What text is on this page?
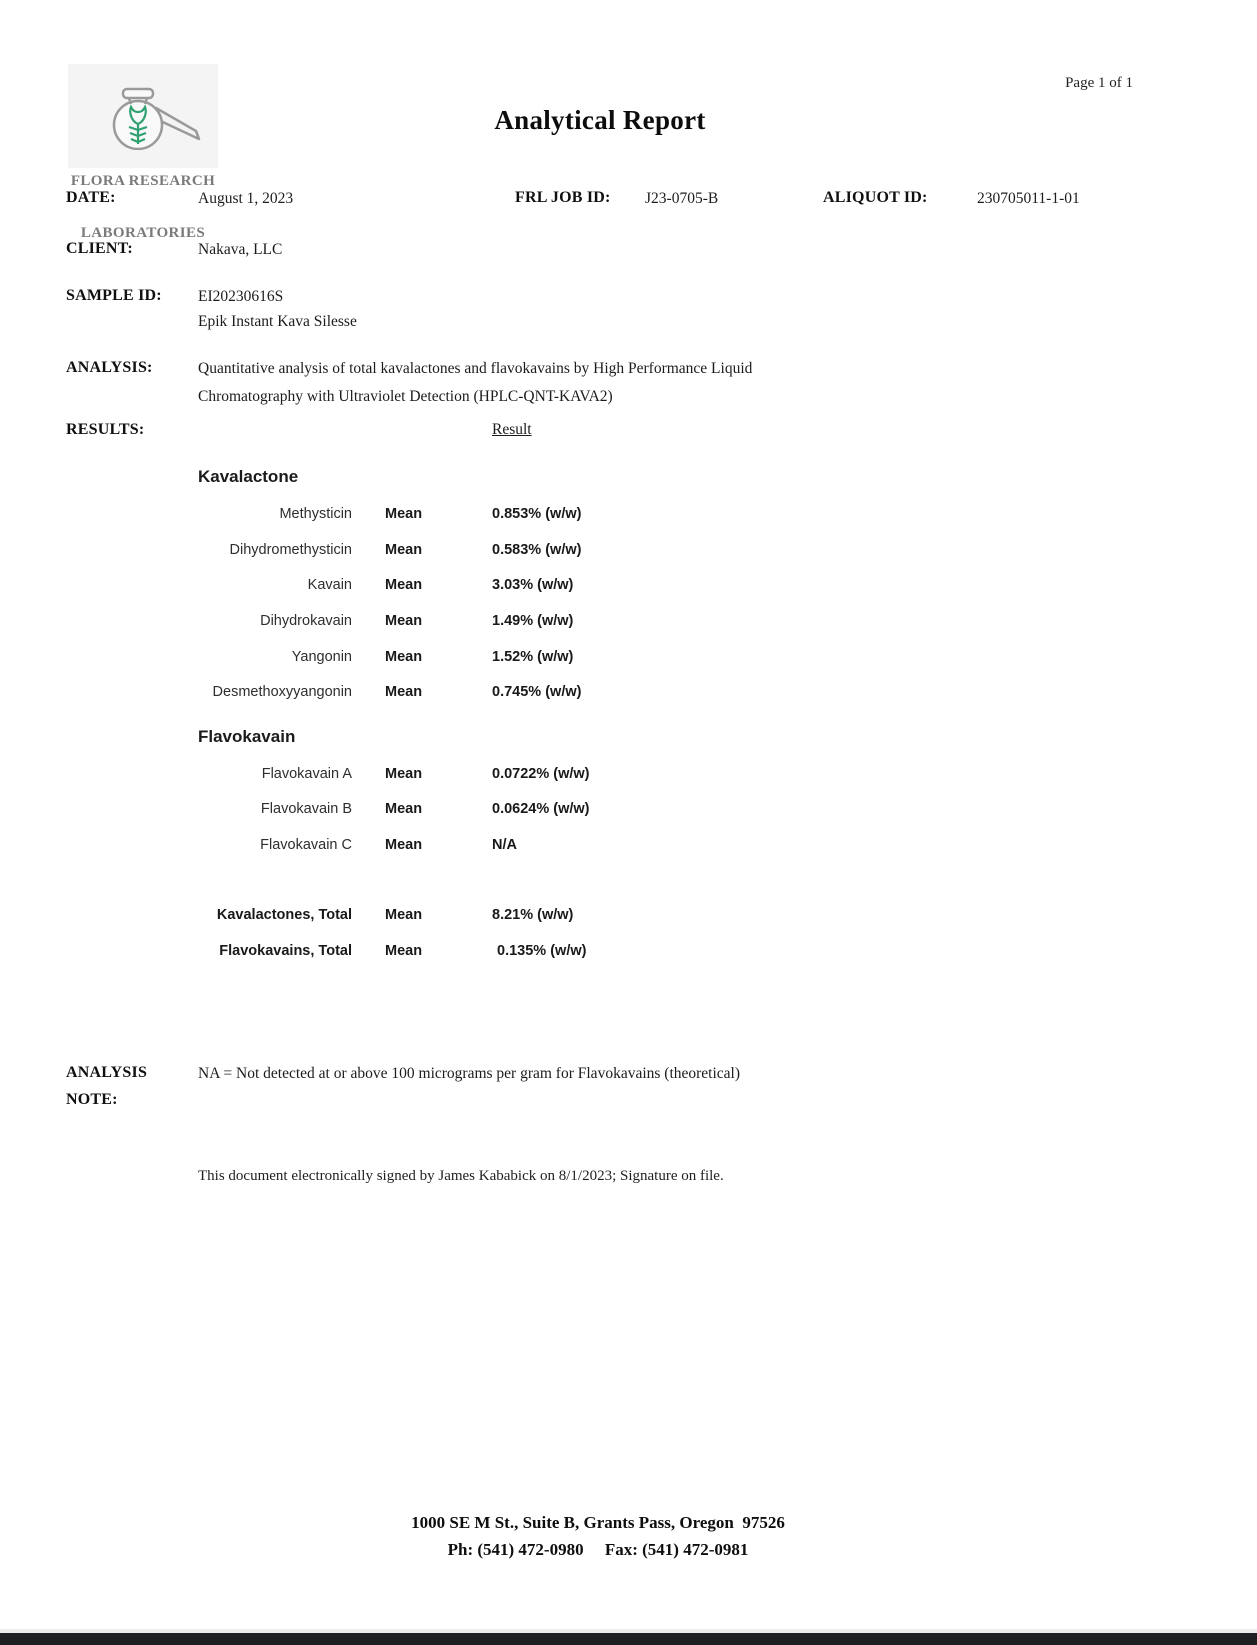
FLORA RESEARCH

LABORATORIES

Page 1 of 1
Analytical Report
DATE:	August 1, 2023	FRL JOB ID: J23-0705-B	ALIQUOT ID:	230705011-1-01
CLIENT:	Nakava, LLC
SAMPLE ID: EI20230616S
Epik Instant Kava Silesse
ANALYSIS:	Quantitative analysis of total kavalactones and flavokavains by High Performance Liquid
Chromatography with Ultraviolet Detection (HPLC-QNT-KAVA2)
RESULTS:	Result
Kavalactone
Methysticin Mean	0.853% (w/w)
Dihydromethysticin Mean	0.583% (w/w)
Kavain Mean	3.03% (w/w)
Dihydrokavain Mean	1.49% (w/w)
Yangonin Mean	1.52% (w/w)
Desmethoxyyangonin Mean	0.745% (w/w)
Flavokavain
Flavokavain A Mean	0.0722% (w/w)
Flavokavain B Mean	0.0624% (w/w)
Flavokavain C Mean	N/A
Kavalactones, Total Mean	8.21% (w/w)
Flavokavains, Total Mean	0.135% (w/w)
ANALYSIS
NOTE:
NA = Not detected at or above 100 micrograms per gram for Flavokavains (theoretical)
This document electronically signed by James Kababick on 8/1/2023; Signature on file.
1000 SE M St., Suite B, Grants Pass, Oregon  97526
Ph: (541) 472-0980     Fax: (541) 472-0981
